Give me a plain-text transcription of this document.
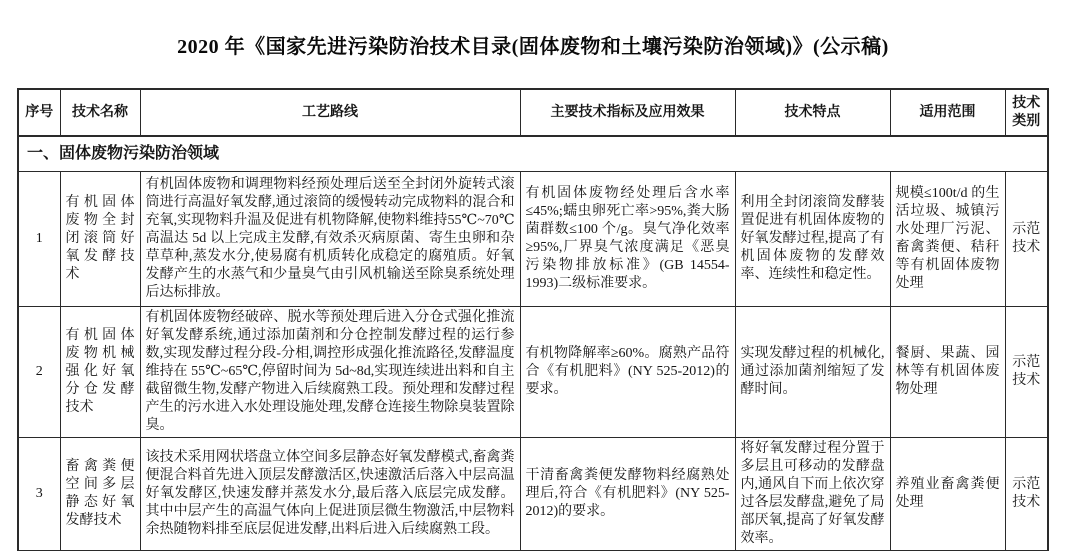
2020 年《国家先进污染防治技术目录(固体废物和土壤污染防治领域)》(公示稿)
序号	技术名称	工艺路线	主要技术指标及应用效果	技术特点	适用范围	技术类别
一、固体废物污染防治领域						
1	有机固体废物全封闭滚筒好氧发酵技术	有机固体废物和调理物料经预处理后送至全封闭外旋转式滚筒进行高温好氧发酵,通过滚筒的缓慢转动完成物料的混合和充氧,实现物料升温及促进有机物降解,使物料维持55℃~70℃高温达 5d 以上完成主发酵,有效杀灭病原菌、寄生虫卵和杂草草种,蒸发水分,使易腐有机质转化成稳定的腐殖质。好氧发酵产生的水蒸气和少量臭气由引风机输送至除臭系统处理后达标排放。	有机固体废物经处理后含水率≤45%;蠕虫卵死亡率>95%,粪大肠菌群数≤100 个/g。臭气净化效率≥95%,厂界臭气浓度满足《恶臭污染物排放标准》(GB 14554-1993)二级标准要求。	利用全封闭滚筒发酵装置促进有机固体废物的好氧发酵过程,提高了有机固体废物的发酵效率、连续性和稳定性。	规模≤100t/d 的生活垃圾、城镇污水处理厂污泥、畜禽粪便、秸秆等有机固体废物处理	示范技术
2	有机固体废物机械强化好氧分仓发酵技术	有机固体废物经破碎、脱水等预处理后进入分仓式强化推流好氧发酵系统,通过添加菌剂和分仓控制发酵过程的运行参数,实现发酵过程分段-分相,调控形成强化推流路径,发酵温度维持在 55℃~65℃,停留时间为 5d~8d,实现连续进出料和自主截留微生物,发酵产物进入后续腐熟工段。预处理和发酵过程产生的污水进入水处理设施处理,发酵仓连接生物除臭装置除臭。	有机物降解率≥60%。腐熟产品符合《有机肥料》(NY 525-2012)的要求。	实现发酵过程的机械化,通过添加菌剂缩短了发酵时间。	餐厨、果蔬、园林等有机固体废物处理	示范技术
3	畜禽粪便空间多层静态好氧发酵技术	该技术采用网状塔盘立体空间多层静态好氧发酵模式,畜禽粪便混合料首先进入顶层发酵激活区,快速激活后落入中层高温好氧发酵区,快速发酵并蒸发水分,最后落入底层完成发酵。其中中层产生的高温气体向上促进顶层微生物激活,中层物料余热随物料排至底层促进发酵,出料后进入后续腐熟工段。	干清畜禽粪便发酵物料经腐熟处理后,符合《有机肥料》(NY 525-2012)的要求。	将好氧发酵过程分置于多层且可移动的发酵盘内,通风自下而上依次穿过各层发酵盘,避免了局部厌氧,提高了好氧发酵效率。	养殖业畜禽粪便处理	示范技术
